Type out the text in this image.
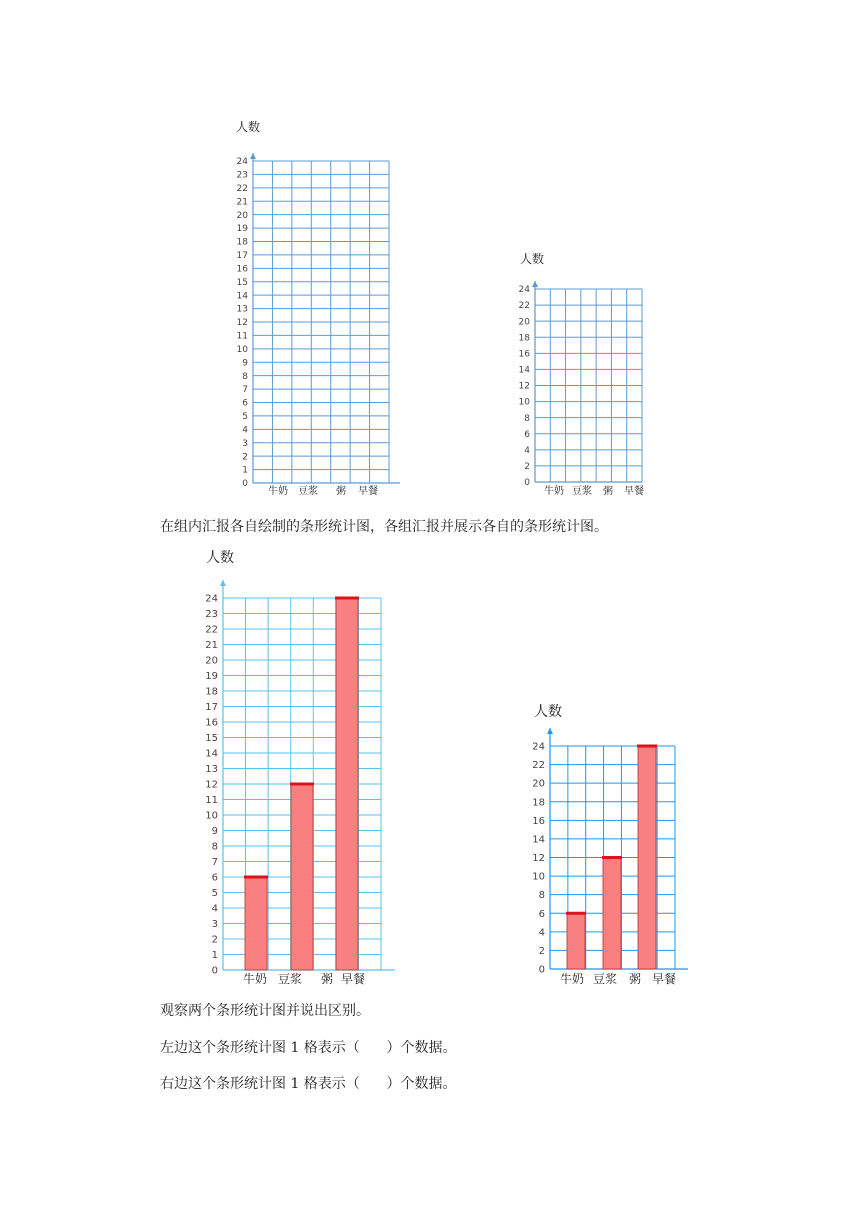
0
1
2
3
4
5
6
7
8
9
10
11
12
13
14
15
16
17
18
19
20
21
22
23
24
人数
牛奶 豆浆 粥 早餐
0
2
4
6
8
10
12
14
16
18
20
22
24
人数
牛奶 豆浆 粥 早餐
0
1
2
3
4
5
6
7
8
9
10
11
12
13
14
15
16
17
18
19
20
21
22
23
24
人数
牛奶 豆浆 粥 早餐
0
2
4
6
8
10
12
14
16
18
20
22
24
人数
牛奶 豆浆 粥 早餐
在组内汇报各自绘制的条形统计图，各组汇报并展示各自的条形统计图。
观察两个条形统计图并说出区别。
左边这个条形统计图 1 格表示（      ）个数据。
右边这个条形统计图 1 格表示（      ）个数据。
